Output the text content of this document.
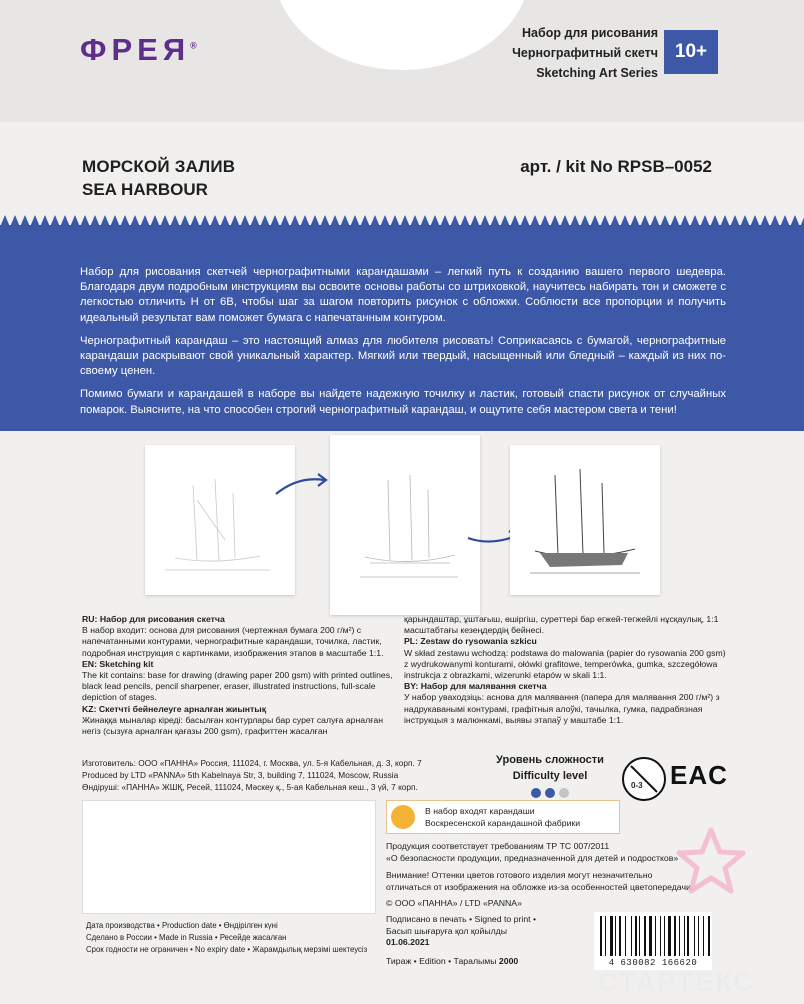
ФРЕЯ®
Набор для рисования
Чернографитный скетч
Sketching Art Series
10+
МОРСКОЙ ЗАЛИВ
SEA HARBOUR
арт. / kit No RPSB–0052

Набор для рисования скетчей чернографитными карандашами – легкий путь к созданию вашего первого шедевра. Благодаря двум подробным инструкциям вы освоите основы работы со штриховкой, научитесь набирать тон и сможете с легкостью отличить H от 6B, чтобы шаг за шагом повторить рисунок с обложки. Соблюсти все пропорции и получить идеальный результат вам поможет бумага с напечатанным контуром.

Чернографитный карандаш – это настоящий алмаз для любителя рисовать! Соприкасаясь с бумагой, чернографитные карандаши раскрывают свой уникальный характер. Мягкий или твердый, насыщенный или бледный – каждый из них по-своему ценен.

Помимо бумаги и карандашей в наборе вы найдете надежную точилку и ластик, готовый спасти рисунок от случайных помарок. Выясните, на что способен строгий чернографитный карандаш, и ощутите себя мастером света и тени!

RU: Набор для рисования скетча
В набор входит: основа для рисования (чертежная бумага 200 г/м²) с напечатанными контурами, чернографитные карандаши, точилка, ластик, подробная инструкция с картинками, изображения этапов в масштабе 1:1.
EN: Sketching kit
The kit contains: base for drawing (drawing paper 200 gsm) with printed outlines, black lead pencils, pencil sharpener, eraser, illustrated instructions, full-scale depiction of stages.
KZ: Скетчті бейнелеуге арналған жиынтық
Жинаққа мыналар кіреді: басылған контурлары бар сурет салуға арналған негіз (сызуға арналған қағазы 200 gsm), графиттен жасалған
қарындаштар, ұштағыш, өшіргіш, суреттері бар егжей-тегжейлі нұсқаулық, 1:1 масштабтағы кезеңдердің бейнесі.
PL: Zestaw do rysowania szkicu
W skład zestawu wchodzą: podstawa do malowania (papier do rysowania 200 gsm) z wydrukowanymi konturami, ołówki grafitowe, temperówka, gumka, szczegółowa instrukcja z obrazkami, wizerunki etapów w skali 1:1.
BY: Набор для малявання скетча
У набор уваходзіць: аснова для малявання (папера для малявання 200 г/м²) з надрукаванымі контурамі, графітныя алоўкі, тачылка, гумка, падрабязная інструкцыя з малюнкамі, выявы этапаў у маштабе 1:1.
Изготовитель: ООО «ПАННА» Россия, 111024, г. Москва, ул. 5-я Кабельная, д. 3, корп. 7
Produced by LTD «PANNA» 5th Kabelnaya Str, 3, building 7, 111024, Moscow, Russia
Өндіруші: «ПАННА» ЖШҚ, Ресей, 111024, Мәскеу қ., 5-ая Кабельная кеш., 3 үй, 7 корп.
Уровень сложности
Difficulty level
0-3 EAC
В набор входят карандаши
Воскресенской карандашной фабрики
Продукция соответствует требованиям ТР ТС 007/2011
«О безопасности продукции, предназначенной для детей и подростков»
Внимание! Оттенки цветов готового изделия могут незначительно
отличаться от изображения на обложке из-за особенностей цветопередачи.
© ООО «ПАННА» / LTD «PANNA»
Дата производства • Production date • Өндірілген күні
Сделано в России • Made in Russia • Ресейде жасалған
Срок годности не ограничен • No expiry date • Жарамдылық мерзімі шектеусіз
Подписано в печать • Signed to print •
Басып шығаруға қол қойылды
01.06.2021
Тираж • Edition • Таралымы 2000	4 630082 166620
СТАРТЕКС
